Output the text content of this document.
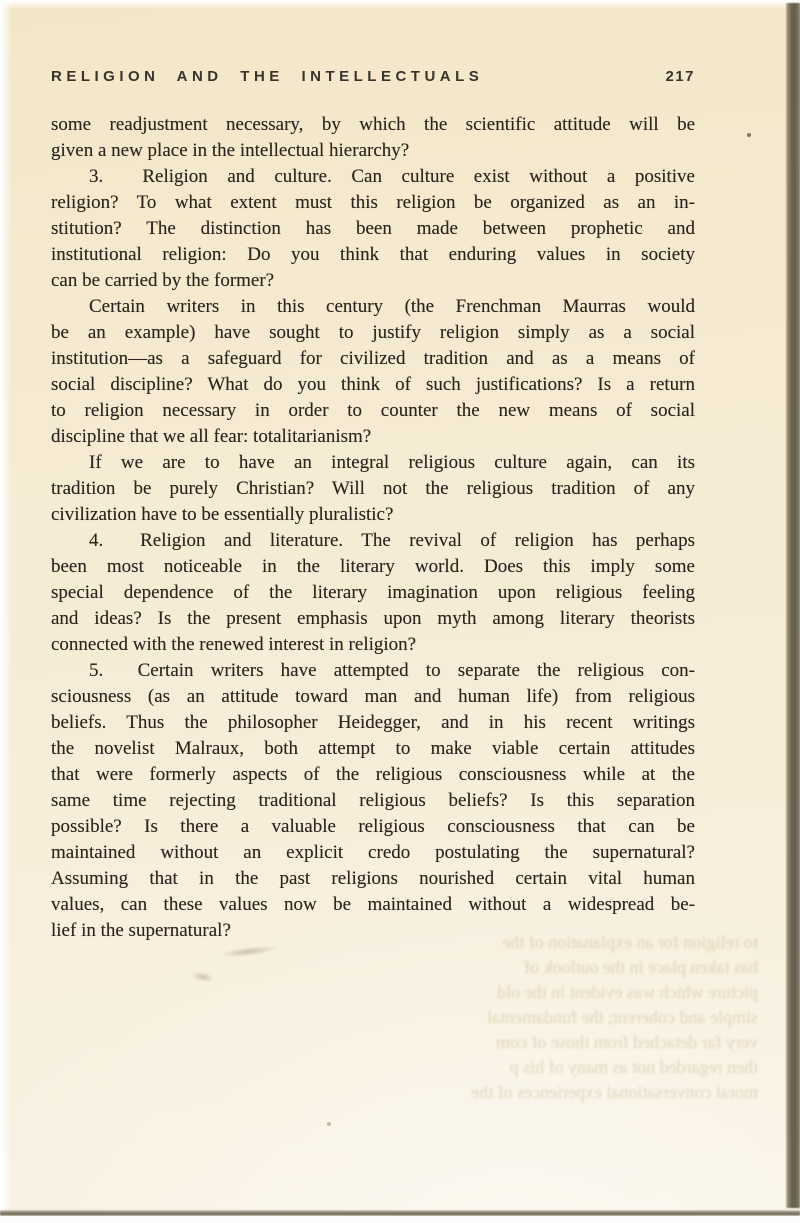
RELIGION AND THE INTELLECTUALS	217
some readjustment necessary, by which the scientific attitude will be
given a new place in the intellectual hierarchy?
3.  Religion and culture. Can culture exist without a positive
religion? To what extent must this religion be organized as an in-
stitution? The distinction has been made between prophetic and
institutional religion: Do you think that enduring values in society
can be carried by the former?
Certain writers in this century (the Frenchman Maurras would
be an example) have sought to justify religion simply as a social
institution—as a safeguard for civilized tradition and as a means of
social discipline? What do you think of such justifications? Is a return
to religion necessary in order to counter the new means of social
discipline that we all fear: totalitarianism?
If we are to have an integral religious culture again, can its
tradition be purely Christian? Will not the religious tradition of any
civilization have to be essentially pluralistic?
4.  Religion and literature. The revival of religion has perhaps
been most noticeable in the literary world. Does this imply some
special dependence of the literary imagination upon religious feeling
and ideas? Is the present emphasis upon myth among literary theorists
connected with the renewed interest in religion?
5.  Certain writers have attempted to separate the religious con-
sciousness (as an attitude toward man and human life) from religious
beliefs. Thus the philosopher Heidegger, and in his recent writings
the novelist Malraux, both attempt to make viable certain attitudes
that were formerly aspects of the religious consciousness while at the
same time rejecting traditional religious beliefs? Is this separation
possible? Is there a valuable religious consciousness that can be
maintained without an explicit credo postulating the supernatural?
Assuming that in the past religions nourished certain vital human
values, can these values now be maintained without a widespread be-
lief in the supernatural?
to religion for an explanation of the
has taken place in the outlook of
picture which was evident in the old
simple and coherent; the fundamental
very far detached from those of com
then regarded not as many of his p
moral conversational experiences of the
